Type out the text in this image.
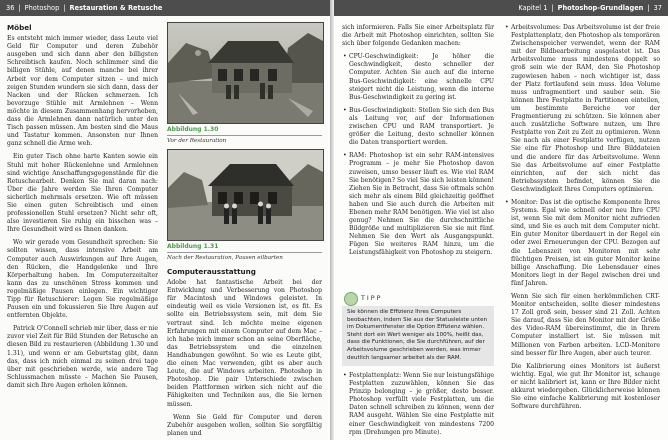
36 | Photoshop | Restauration & Retusche
Möbel

Es entsteht mich immer wieder, dass Leute viel Geld für Computer und deren Zubehör ausgeben und sich dann aber den billigsten Schreibtisch kaufen. Noch schlimmer sind die billigen Stühle, auf denen manche bei ihrer Arbeit vor dem Computer sitzen – und mich zeigen Stunden wundern sie sich dann, dass der Nacken und der Rücken schmerzen. Ich bevorzuge Stühle mit Armlehnen – Wenn möchte in diesem Zusammenhang hervorheben, dass die Armlehnen dann natürlich unter den Tisch passen müssen. Am besten sind die Maus und Tastatur kommen. Ansonsten nur Ihnen ganz schnell die Arme weh.

Ein guter Tisch ohne harte Kanten sowie ein Stuhl mit hoher Rückenlehne und Armlehnen sind wichtige Anschaffungsgegenstände für die Retuschearbeit. Denken Sie mal daran nach: Über die Jahre werden Sie Ihren Computer sicherlich mehrmals ersetzen. Wie oft müssen Sie einen guten Schreibtisch und einen professionellen Stuhl ersetzen? Nicht sehr oft, also investieren Sie ruhig ein bisschen was – Ihre Gesundheit wird es Ihnen danken.

Wo wir gerade vom Gesundheit sprechen: Sie sollten wissen, dass intensive Arbeit am Computer auch Auswirkungen auf Ihre Augen, den Rücken, die Handgelenke und Ihre Körperhaltung haben. Im Computerzeitalter kann das zu unschönen Stress kommen und regelmäßige Pausen einlegen. Ein wichtiger Tipp für Retuschierer: Legen Sie regelmäßige Pausen ein und fokussieren Sie Ihre Augen auf entfernten Objekte.

Patrick O'Connell schrieb mir über, dass er nie zuvor viel Zeit für Bild Stunden der Retusche an diesen Bild zu restaurieren (Abbildung 1.30 und 1.31), und wenn er am Geburtstag gibt, dann das, dass ich mich einmal zu seinen drei tage über mit geschrieben werde, wie andere Tag Schlussmachen müsste – Machen Sie Pausen, damit sich Ihre Augen erholen können.

Abbildung 1.30
Vor der Restauration
Abbildung 1.31
Nach der Restauration, Pausen eilbarten
Computerausstattung

Adobe hat fantastische Arbeit bei der Entwicklung und Verbesserung von Photoshop für Macintosh und Windows geleistet. In eindeutig weil es viele Versionen ist, es fit. Es sollte ein Betriebssystem sein, mit dem Sie vertraut sind. Ich möchte meine eigenen Erfahrungen mit einem Computer auf dem Mac – ich habe mich immer schon an seine Oberfläche, das Betriebssystem und die einzelnen Handhabungen gewöhnt. So wie es Leute gibt, die einen Mac verwenden, gibt es aber auch Leute, die auf Windows arbeiten. Photoshop in Photoshop. Die pair Unterschiede zwischen beiden Plattformen wirken sich nicht auf die Fähigkeiten und Techniken aus, die Sie lernen müssen.

Wenn Sie Geld für Computer und deren Zubehör ausgeben wollen, sollten Sie sorgfältig planen und

Kapitel 1 | Photoshop-Grundlagen | 37

sich informieren. Falls Sie einer Arbeitsplatz für die Arbeit mit Photoshop einrichten, sollten Sie sich über folgende Gedanken machen:

• CPU-Geschwindigkeit: Je höher die Geschwindigkeit, desto schneller der Computer. Achten Sie auch auf die interne Bus-Geschwindigkeit: eine schnelle CPU steigert nicht die Leistung, wenn die interne Bus-Geschwindigkeit zu gering ist.

• Bus-Geschwindigkeit: Stellen Sie sich den Bus als Leitung vor, auf der Informationen zwischen CPU und RAM transportiert. Je größer die Leitung, desto schneller können die Daten transportiert werden.

• RAM: Photoshop ist ein sehr RAM-intensives Programm – je mehr Sie Photoshop davon zuweisen, umso besser läuft es. Wie viel RAM Sie benötigen? So viel Sie sich leisten können! Ziehen Sie in Betracht, dass Sie oftmals schön sich mehr als einem Bild gleichzeitig geöffnet haben und Sie auch durch die Arbeiten mit Ebenen mehr RAM benötigen. Wie viel ist also genug? Nehmen Sie die durchschnittliche Bildgröße und multiplizieren Sie sie mit fünf. Nehmen Sie den Wert als Ausgangspunkt. Fügen Sie weiteres RAM hinzu, um die Leistungsfähigkeit von Photoshop zu steigern.

TIPP

Sie können die Effizienz Ihres Computers beobachten, indem Sie aus der Statusleiste unten im Dokumentfenster die Option Effizienz wählen. Steht dort ein Wert weniger als 100%, heißt das, dass die Funktionen, die Sie durchführen, auf der Arbeitsvolume geschrieben werden, was immer deutlich langsamer arbeitet als der RAM.

• Festplattenplatz: Wenn Sie nur leistungsfähige Festplatten zuzuwählen, können Sie das Prinzip belonging – je größer, desto besser. Photoshop verfüllt viele Festplatten, um die Daten schnell schreiben zu können, wenn der RAM ausgeht. Wählen Sie eine Festplatte mit einer Geschwindigkeit von mindestens 7200 rpm (Drehungen pro Minute).

• Arbeitsvolumes: Das Arbeitsvolume ist der freie Festplattenplatz, den Photoshop als temporären Zwischenspeicher verwendet, wenn der RAM mit der Bildbearbeitung ausgelastet ist. Das Arbeitsvolume muss mindestens doppelt so groß sein wie der RAM, den Sie Photoshop zugewiesen haben – noch wichtiger ist, dass der Platz fortlaufend sein muss. Idea Volume muss unfragmentiert und sauber sein. Sie können Ihre Festplatte in Partitionen einteilen, um bestimmte Bereiche vor der Fragmentierung zu schützen. Sie können aber auch zusätzliche Software nutzen, um Ihre Festplatte von Zeit zu Zeit zu optimieren. Wenn Sie nach als einer Festplatte verfügen, nutzen Sie eine für Photoshop und Ihre Bilddateien und die andere für das Arbeitsvolume. Wenn Sie das Arbeitsvolume auf einer Festplatte einrichten, auf der sich nicht das Betriebssystem befindet, können Sie die Geschwindigkeit Ihres Computers optimieren.

• Monitor: Das ist die optische Komponente Ihres Systems. Egal wie schnell oder neu Ihre CPU ist, wenn Sie mit dem Monitor nicht zufrieden sind, und Sie es auch mit dem Computer nicht. Ein guter Monitor überdauert in der Regel ein oder zwei Erneuerungen der CPU. Bezogen auf die Lebenszeit von Monitoren mit sehr flüchtigen Preisen, ist ein guter Monitor keine billige Anschaffung. Die Lebensdauer eines Monitors liegt in der Regel zwischen drei und fünf Jahren.

Wenn Sie sich für einen herkömmlichen CRT-Monitor entscheiden, sollte dieser mindestens 17 Zoll groß sein, besser sind 21 Zoll. Achten Sie darauf, dass Sie den Monitor mit der Größe des Video-RAM übereinstimmt, die in Ihrem Computer installiert ist. Sie müssen mit Millionen von Farben arbeiten. LCD-Monitore sind besser für Ihre Augen, aber auch teurer.

Die Kalibrierung eines Monitors ist äußerst wichtig. Egal, wie gut Ihr Monitor ist, schauge er nicht kalibriert ist, kann er Ihre Bilder nicht akkurat wiedergeben. Glücklicherweise können Sie eine einfache Kalibrierung mit kostenloser Software durchführen.
